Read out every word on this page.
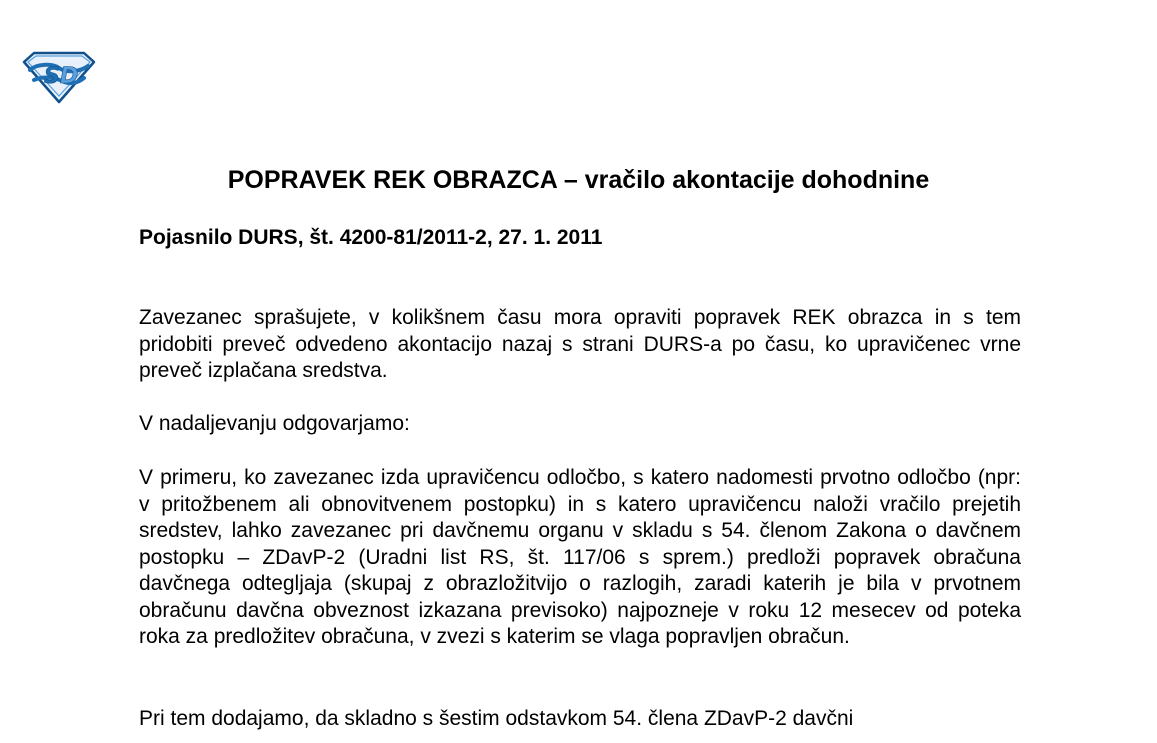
S D
POPRAVEK REK OBRAZCA – vračilo akontacije dohodnine
Pojasnilo DURS, št. 4200-81/2011-2, 27. 1. 2011

Zavezanec sprašujete, v kolikšnem času mora opraviti popravek REK obrazca in s tem pridobiti preveč odvedeno akontacijo nazaj s strani DURS-a po času, ko upravičenec vrne preveč izplačana sredstva.

V nadaljevanju odgovarjamo:

V primeru, ko zavezanec izda upravičencu odločbo, s katero nadomesti prvotno odločbo (npr: v pritožbenem ali obnovitvenem postopku) in s katero upravičencu naloži vračilo prejetih sredstev, lahko zavezanec pri davčnemu organu v skladu s 54. členom Zakona o davčnem postopku – ZDavP-2 (Uradni list RS, št. 117/06 s sprem.) predloži popravek obračuna davčnega odtegljaja (skupaj z obrazložitvijo o razlogih, zaradi katerih je bila v prvotnem obračunu davčna obveznost izkazana previsoko) najpozneje v roku 12 mesecev od poteka roka za predložitev obračuna, v zvezi s katerim se vlaga popravljen obračun.

Pri tem dodajamo, da skladno s šestim odstavkom 54. člena ZDavP-2 davčni
